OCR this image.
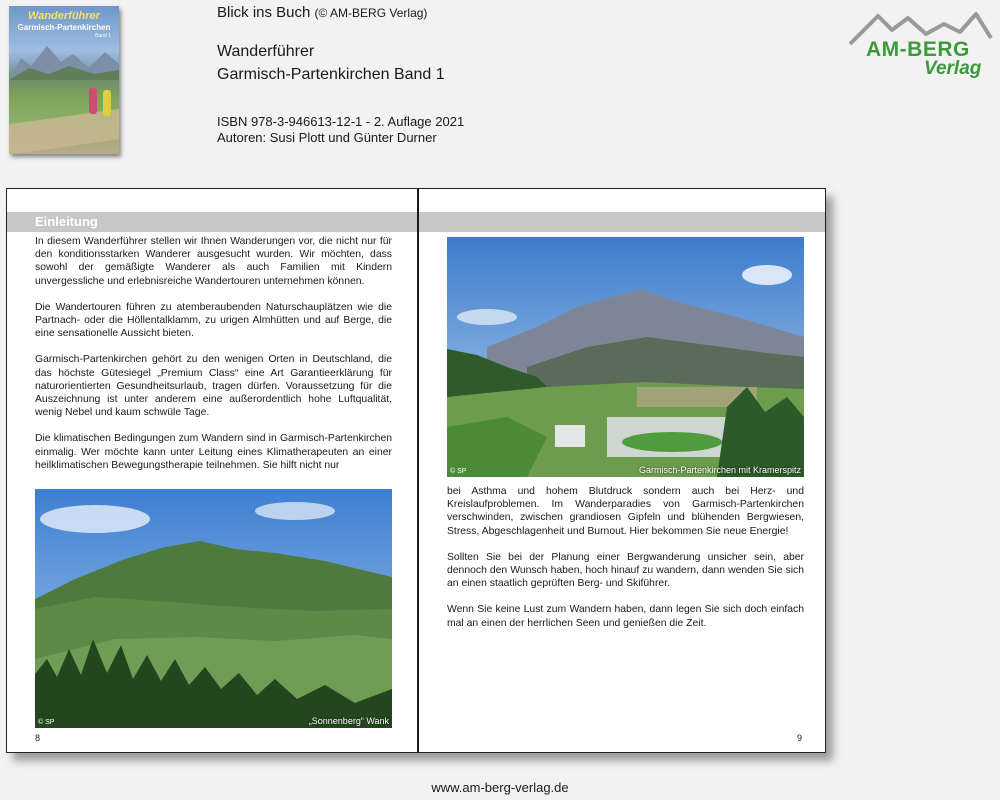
Wanderführer
Garmisch-Partenkirchen
Band 1
Blick ins Buch (© AM-BERG Verlag)
Wanderführer
Garmisch-Partenkirchen Band 1
ISBN 978-3-946613-12-1 - 2. Auflage 2021
Autoren: Susi Plott und Günter Durner
AM-BERG
Verlag
Einleitung

In diesem Wanderführer stellen wir Ihnen Wanderungen vor, die nicht nur für den konditionsstarken Wanderer ausgesucht wurden. Wir möchten, dass sowohl der gemäßigte Wanderer als auch Familien mit Kindern unvergessliche und erlebnisreiche Wandertouren unternehmen können.

Die Wandertouren führen zu atemberaubenden Naturschauplätzen wie die Partnach- oder die Höllentalklamm, zu urigen Almhütten und auf Berge, die eine sensationelle Aussicht bieten.

Garmisch-Partenkirchen gehört zu den wenigen Orten in Deutschland, die das höchste Gütesiegel „Premium Class“ eine Art Garantieerklärung für naturorientierten Gesundheitsurlaub, tragen dürfen. Voraussetzung für die Auszeichnung ist unter anderem eine außerordentlich hohe Luftqualität, wenig Nebel und kaum schwüle Tage.

Die klimatischen Bedingungen zum Wandern sind in Garmisch-Partenkirchen einmalig. Wer möchte kann unter Leitung eines Klimatherapeuten an einer heilklimatischen Bewegungstherapie teilnehmen. Sie hilft nicht nur

© SP	„Sonnenberg“ Wank
8
© SP	Garmisch-Partenkirchen mit Kramerspitz

bei Asthma und hohem Blutdruck sondern auch bei Herz- und Kreislaufproblemen. Im Wanderparadies von Garmisch-Partenkirchen verschwinden, zwischen grandiosen Gipfeln und blühenden Bergwiesen, Stress, Abgeschlagenheit und Burnout. Hier bekommen Sie neue Energie!

Sollten Sie bei der Planung einer Bergwanderung unsicher sein, aber dennoch den Wunsch haben, hoch hinauf zu wandern, dann wenden Sie sich an einen staatlich geprüften Berg- und Skiführer.

Wenn Sie keine Lust zum Wandern haben, dann legen Sie sich doch einfach mal an einen der herrlichen Seen und genießen die Zeit.

9
www.am-berg-verlag.de
